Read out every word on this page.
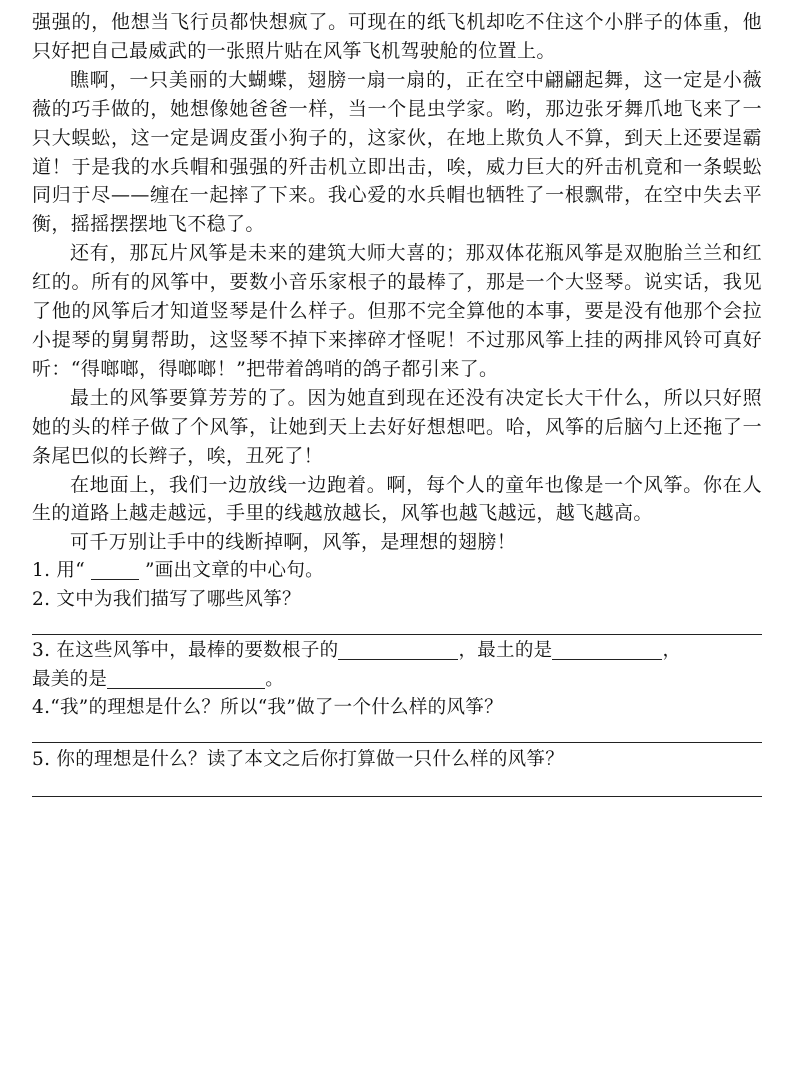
强强的，他想当飞行员都快想疯了。可现在的纸飞机却吃不住这个小胖子的体重，他只好把自己最威武的一张照片贴在风筝飞机驾驶舱的位置上。

瞧啊，一只美丽的大蝴蝶，翅膀一扇一扇的，正在空中翩翩起舞，这一定是小薇薇的巧手做的，她想像她爸爸一样，当一个昆虫学家。哟，那边张牙舞爪地飞来了一只大蜈蚣，这一定是调皮蛋小狗子的，这家伙，在地上欺负人不算，到天上还要逞霸道！于是我的水兵帽和强强的歼击机立即出击，唉，威力巨大的歼击机竟和一条蜈蚣同归于尽——缠在一起摔了下来。我心爱的水兵帽也牺牲了一根飘带，在空中失去平衡，摇摇摆摆地飞不稳了。

还有，那瓦片风筝是未来的建筑大师大喜的；那双体花瓶风筝是双胞胎兰兰和红红的。所有的风筝中，要数小音乐家根子的最棒了，那是一个大竖琴。说实话，我见了他的风筝后才知道竖琴是什么样子。但那不完全算他的本事，要是没有他那个会拉小提琴的舅舅帮助，这竖琴不掉下来摔碎才怪呢！不过那风筝上挂的两排风铃可真好听：“得啷啷，得啷啷！”把带着鸽哨的鸽子都引来了。

最土的风筝要算芳芳的了。因为她直到现在还没有决定长大干什么，所以只好照她的头的样子做了个风筝，让她到天上去好好想想吧。哈，风筝的后脑勺上还拖了一条尾巴似的长辫子，唉，丑死了！

在地面上，我们一边放线一边跑着。啊，每个人的童年也像是一个风筝。你在人生的道路上越走越远，手里的线越放越长，风筝也越飞越远，越飞越高。

可千万别让手中的线断掉啊，风筝，是理想的翅膀！

1. 用“	”画出文章的中心句。
2. 文中为我们描写了哪些风筝？
3. 在这些风筝中，最棒的要数根子的	，最土的是	，
最美的是	。
4.“我”的理想是什么？所以“我”做了一个什么样的风筝？
5. 你的理想是什么？读了本文之后你打算做一只什么样的风筝？
